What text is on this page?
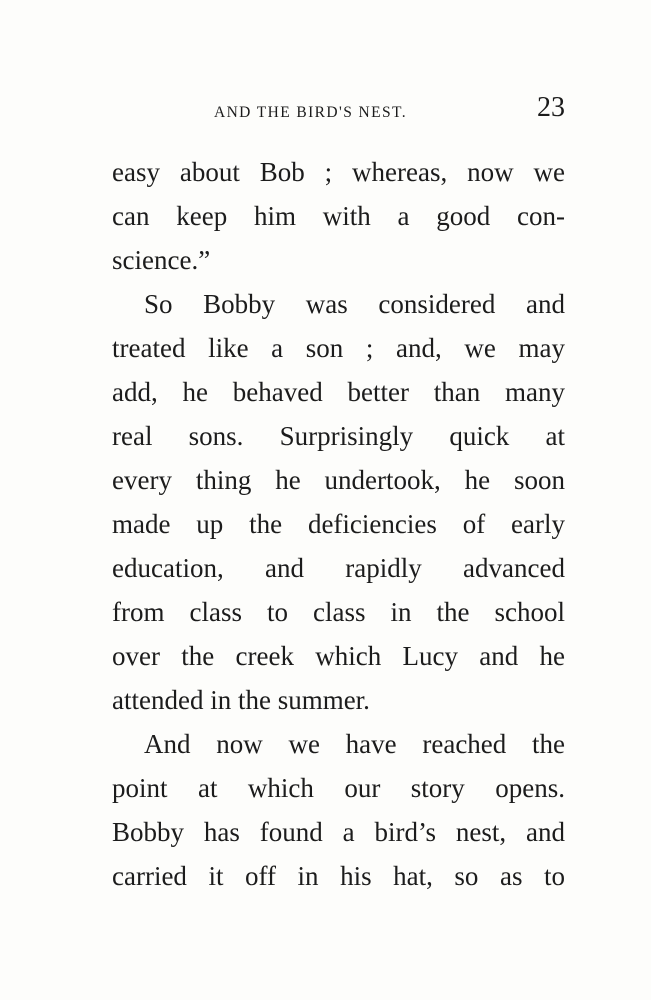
AND THE BIRD'S NEST.	23
easy about Bob ; whereas, now we
can keep him with a good con-
science.”
So Bobby was considered and
treated like a son ; and, we may
add, he behaved better than many
real sons. Surprisingly quick at
every thing he undertook, he soon
made up the deficiencies of early
education, and rapidly advanced
from class to class in the school
over the creek which Lucy and he
attended in the summer.
And now we have reached the
point at which our story opens.
Bobby has found a bird’s nest, and
carried it off in his hat, so as to
